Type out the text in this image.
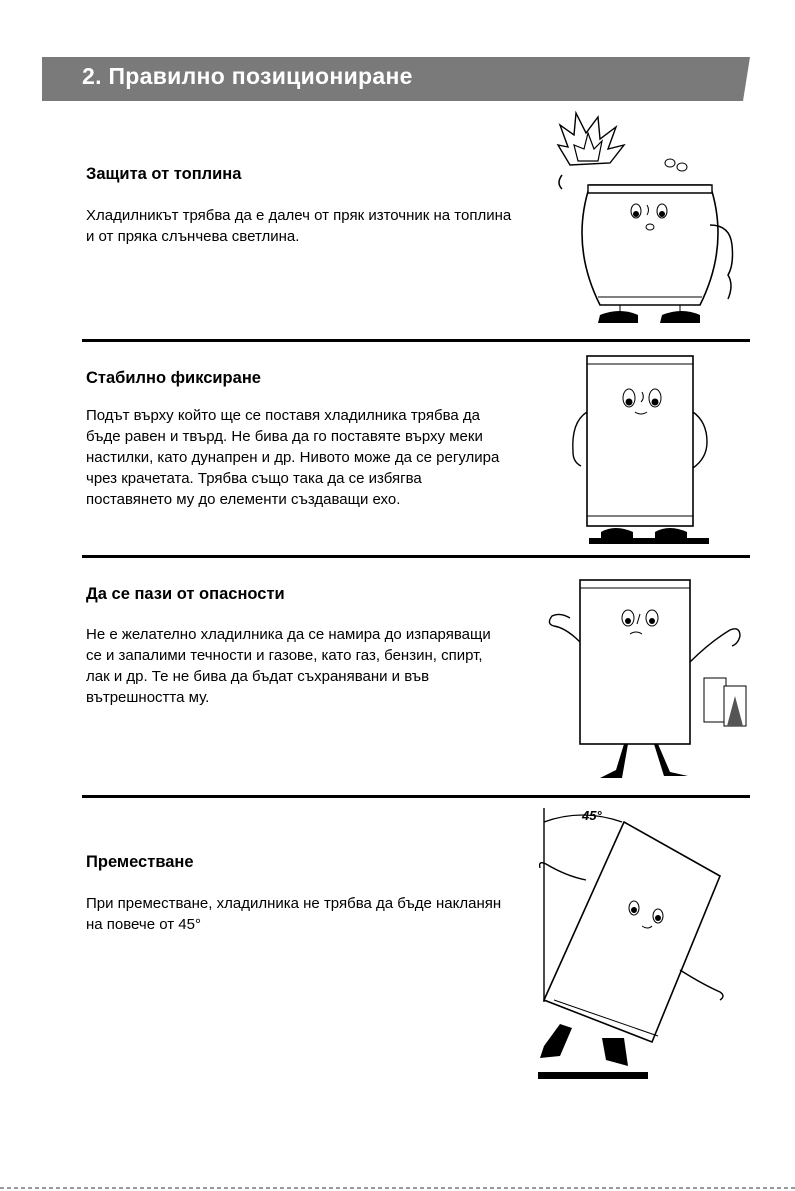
2. Правилно позициониране
Защита от топлина

Хладилникът трябва да е далеч от пряк източник на топлина
и от пряка слънчева светлина.

Стабилно фиксиране

Подът върху който ще се поставя хладилника трябва да
бъде равен и твърд. Не бива да го поставяте върху меки
настилки, като дунапрен и др. Нивото може да се регулира
чрез крачетата. Трябва също така да се избягва
поставянето му до елементи създаващи ехо.

Да се пази от опасности

Не е желателно хладилника да се намира до изпаряващи
се и запалими течности и газове, като газ, бензин, спирт,
лак и др. Те не бива да бъдат съхранявани и във
вътрешността му.

Преместване

При преместване, хладилника не трябва да бъде накланян
на повече от 45°

45°
